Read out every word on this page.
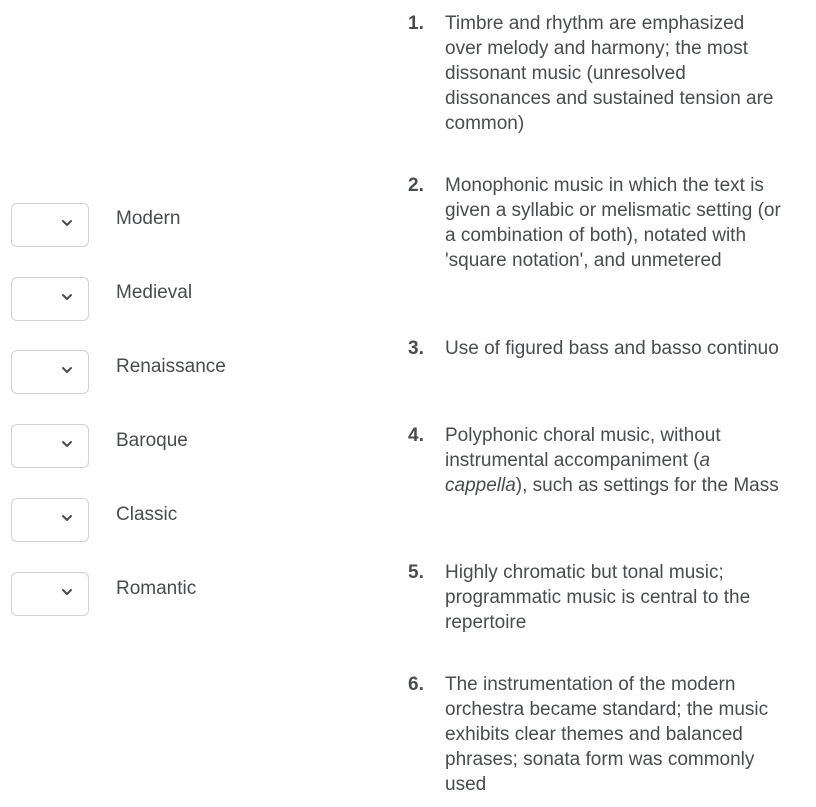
Modern
Medieval
Renaissance
Baroque
Classic
Romantic
1. Timbre and rhythm are emphasized over melody and harmony; the most dissonant music (unresolved dissonances and sustained tension are common)
2. Monophonic music in which the text is given a syllabic or melismatic setting (or a combination of both), notated with 'square notation', and unmetered
3. Use of figured bass and basso continuo
4. Polyphonic choral music, without instrumental accompaniment (a cappella), such as settings for the Mass
5. Highly chromatic but tonal music; programmatic music is central to the repertoire
6. The instrumentation of the modern orchestra became standard; the music exhibits clear themes and balanced phrases; sonata form was commonly used
